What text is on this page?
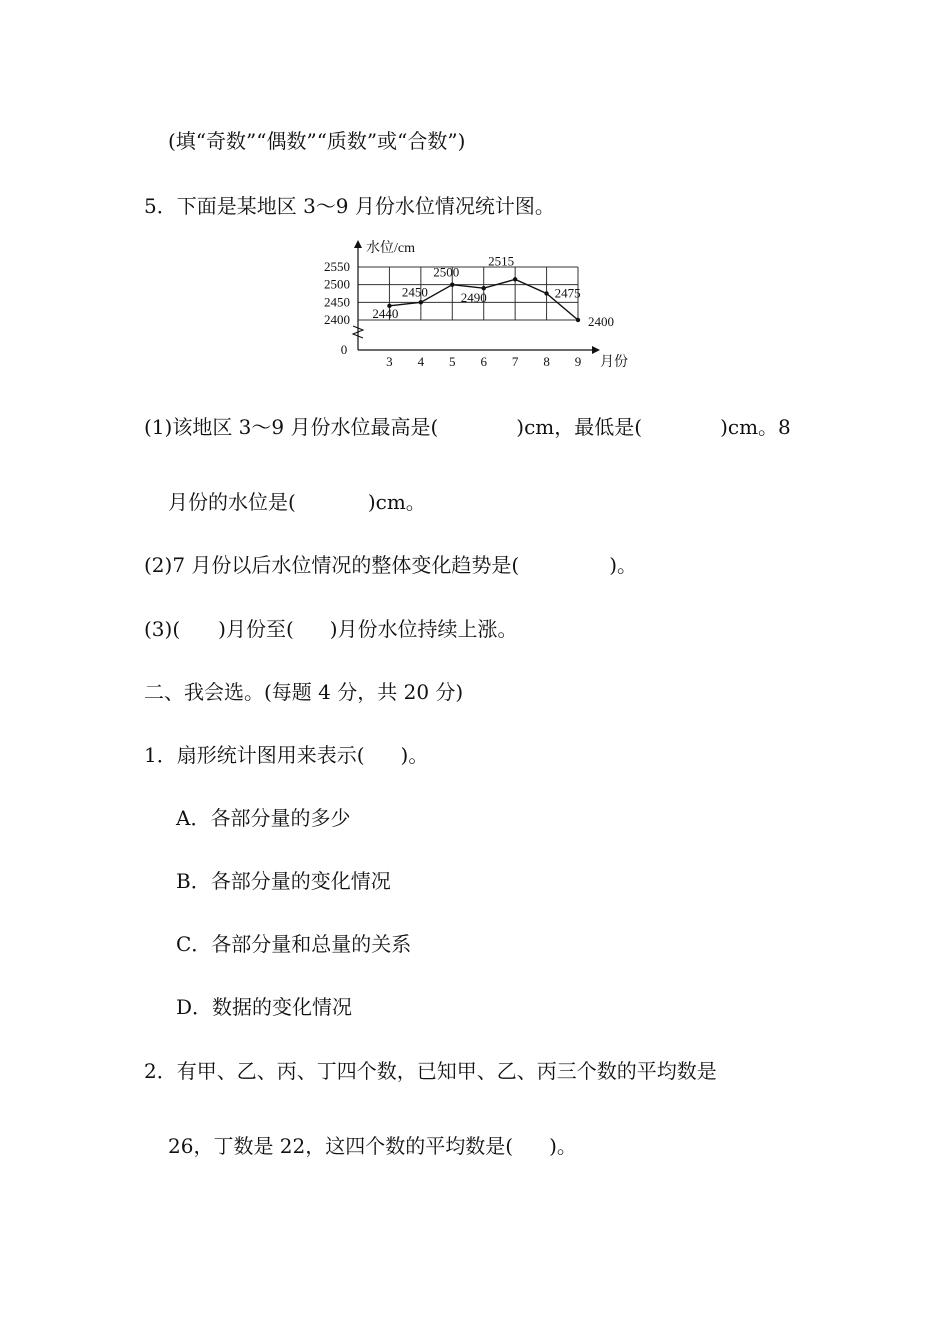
(填“奇数”“偶数”“质数”或“合数”)
5．下面是某地区 3～9 月份水位情况统计图。
2550
2500
2450
2400
水位/cm
月份
0
3 4 5 6 7 8 9
2440
2450
2500
2490
2515
2475
2400
(1)该地区 3～9 月份水位最高是(	)cm，最低是(	)cm。8
月份的水位是(	)cm。
(2)7 月份以后水位情况的整体变化趋势是(	)。
(3)( )月份至( )月份水位持续上涨。
二、我会选。(每题 4 分，共 20 分)
1．扇形统计图用来表示( )。
A．各部分量的多少
B．各部分量的变化情况
C．各部分量和总量的关系
D．数据的变化情况
2．有甲、乙、丙、丁四个数，已知甲、乙、丙三个数的平均数是
26，丁数是 22，这四个数的平均数是( )。
